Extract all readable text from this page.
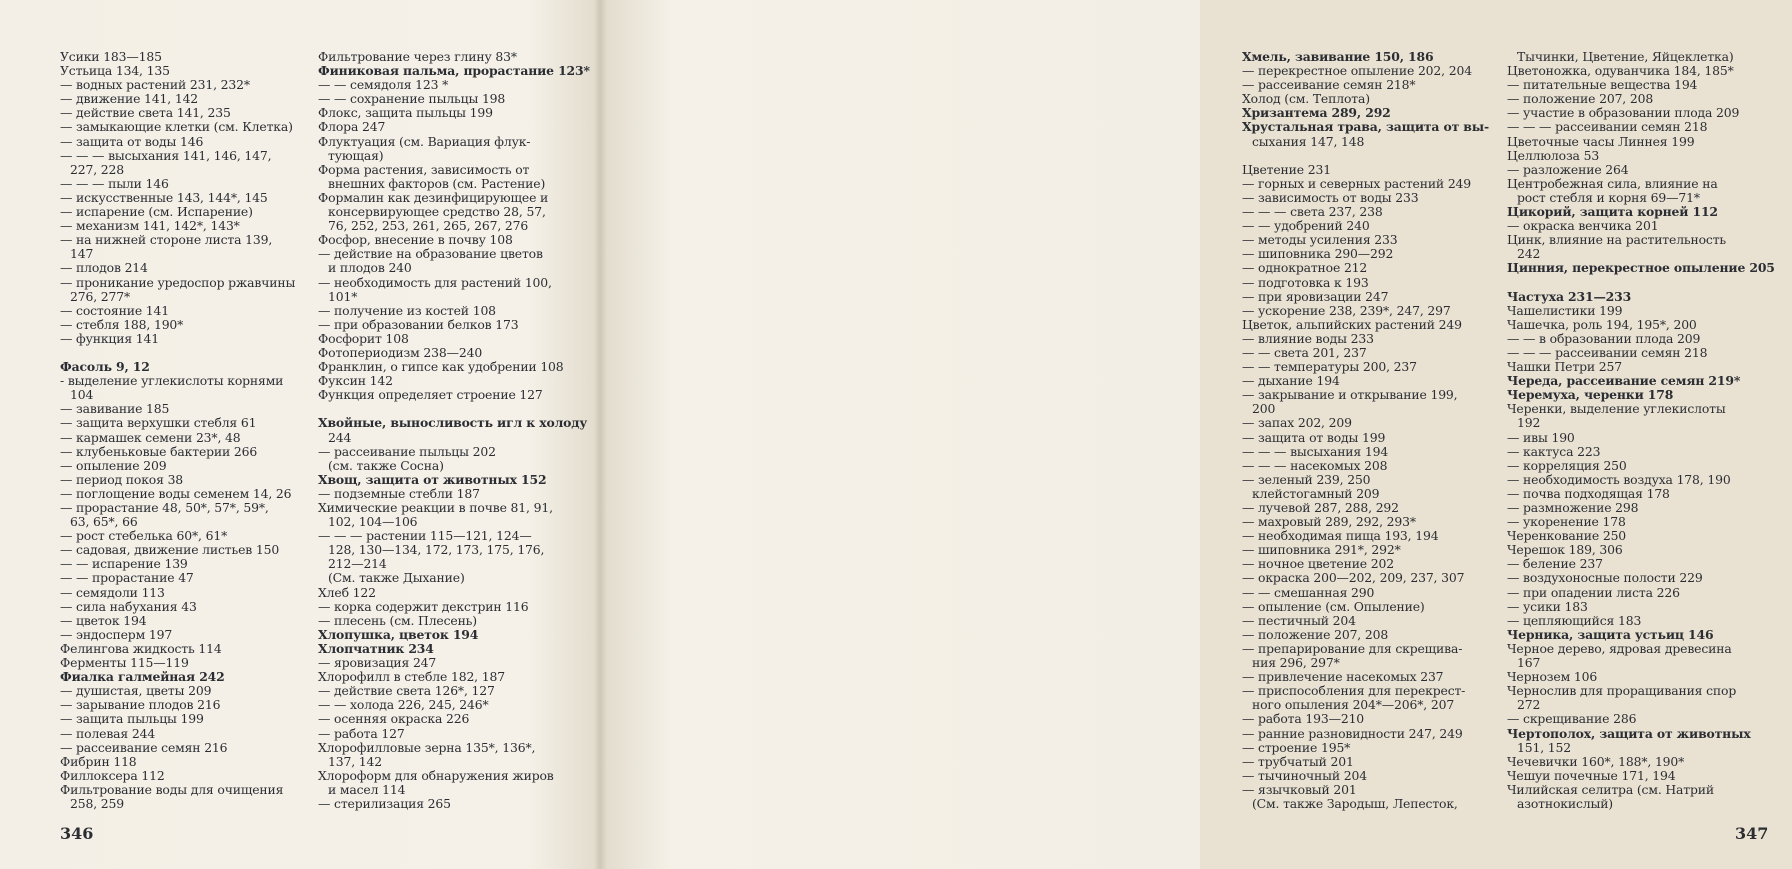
Усики 183—185
Устьица 134, 135
— водных растений 231, 232*
— движение 141, 142
— действие света 141, 235
— замыкающие клетки (см. Клетка)
— защита от воды 146
— — — высыхания 141, 146, 147,
227, 228
— — — пыли 146
— искусственные 143, 144*, 145
— испарение (см. Испарение)
— механизм 141, 142*, 143*
— на нижней стороне листа 139,
147
— плодов 214
— проникание уредоспор ржавчины
276, 277*
— состояние 141
— стебля 188, 190*
— функция 141
Фасоль 9, 12
- выделение углекислоты корнями
104
— завивание 185
— защита верхушки стебля 61
— кармашек семени 23*, 48
— клубеньковые бактерии 266
— опыление 209
— период покоя 38
— поглощение воды семенем 14, 26
— прорастание 48, 50*, 57*, 59*,
63, 65*, 66
— рост стебелька 60*, 61*
— садовая, движение листьев 150
— — испарение 139
— — прорастание 47
— семядоли 113
— сила набухания 43
— цветок 194
— эндосперм 197
Фелингова жидкость 114
Ферменты 115—119
Фиалка галмейная 242
— душистая, цветы 209
— зарывание плодов 216
— защита пыльцы 199
— полевая 244
— рассеивание семян 216
Фибрин 118
Филлоксера 112
Фильтрование воды для очищения
258, 259
Фильтрование через глину 83*
Финиковая пальма, прорастание 123*
— — семядоля 123 *
— — сохранение пыльцы 198
Флокс, защита пыльцы 199
Флора 247
Флуктуация (см. Вариация флук-
тующая)
Форма растения, зависимость от
внешних факторов (см. Растение)
Формалин как дезинфицирующее и
консервирующее средство 28, 57,
76, 252, 253, 261, 265, 267, 276
Фосфор, внесение в почву 108
— действие на образование цветов
и плодов 240
— необходимость для растений 100,
101*
— получение из костей 108
— при образовании белков 173
Фосфорит 108
Фотопериодизм 238—240
Франклин, о гипсе как удобрении 108
Фуксин 142
Функция определяет строение 127
Хвойные, выносливость игл к холоду
244
— рассеивание пыльцы 202
(см. также Сосна)
Хвощ, защита от животных 152
— подземные стебли 187
Химические реакции в почве 81, 91,
102, 104—106
— — — растении 115—121, 124—
128, 130—134, 172, 173, 175, 176,
212—214
(См. также Дыхание)
Хлеб 122
— корка содержит декстрин 116
— плесень (см. Плесень)
Хлопушка, цветок 194
Хлопчатник 234
— яровизация 247
Хлорофилл в стебле 182, 187
— действие света 126*, 127
— — холода 226, 245, 246*
— осенняя окраска 226
— работа 127
Хлорофилловые зерна 135*, 136*,
137, 142
Хлороформ для обнаружения жиров
и масел 114
— стерилизация 265
346
Хмель, завивание 150, 186
— перекрестное опыление 202, 204
— рассеивание семян 218*
Холод (см. Теплота)
Хризантема 289, 292
Хрустальная трава, защита от вы-
сыхания 147, 148
Цветение 231
— горных и северных растений 249
— зависимость от воды 233
— — — света 237, 238
— — удобрений 240
— методы усиления 233
— шиповника 290—292
— однократное 212
— подготовка к 193
— при яровизации 247
— ускорение 238, 239*, 247, 297
Цветок, альпийских растений 249
— влияние воды 233
— — света 201, 237
— — температуры 200, 237
— дыхание 194
— закрывание и открывание 199,
200
— запах 202, 209
— защита от воды 199
— — — высыхания 194
— — — насекомых 208
— зеленый 239, 250
клейстогамный 209
— лучевой 287, 288, 292
— махровый 289, 292, 293*
— необходимая пища 193, 194
— шиповника 291*, 292*
— ночное цветение 202
— окраска 200—202, 209, 237, 307
— — смешанная 290
— опыление (см. Опыление)
— пестичный 204
— положение 207, 208
— препарирование для скрещива-
ния 296, 297*
— привлечение насекомых 237
— приспособления для перекрест-
ного опыления 204*—206*, 207
— работа 193—210
— ранние разновидности 247, 249
— строение 195*
— трубчатый 201
— тычиночный 204
— язычковый 201
(См. также Зародыш, Лепесток,
Тычинки, Цветение, Яйцеклетка)
Цветоножка, одуванчика 184, 185*
— питательные вещества 194
— положение 207, 208
— участие в образовании плода 209
— — — рассеивании семян 218
Цветочные часы Линнея 199
Целлюлоза 53
— разложение 264
Центробежная сила, влияние на
рост стебля и корня 69—71*
Цикорий, защита корней 112
— окраска венчика 201
Цинк, влияние на растительность
242
Цинния, перекрестное опыление 205
Частуха 231—233
Чашелистики 199
Чашечка, роль 194, 195*, 200
— — в образовании плода 209
— — — рассеивании семян 218
Чашки Петри 257
Череда, рассеивание семян 219*
Черемуха, черенки 178
Черенки, выделение углекислоты
192
— ивы 190
— кактуса 223
— корреляция 250
— необходимость воздуха 178, 190
— почва подходящая 178
— размножение 298
— укоренение 178
Черенкование 250
Черешок 189, 306
— беление 237
— воздухоносные полости 229
— при опадении листа 226
— усики 183
— цепляющийся 183
Черника, защита устьиц 146
Черное дерево, ядровая древесина
167
Чернозем 106
Чернослив для проращивания спор
272
— скрещивание 286
Чертополох, защита от животных
151, 152
Чечевички 160*, 188*, 190*
Чешуи почечные 171, 194
Чилийская селитра (см. Натрий
азотнокислый)
347
